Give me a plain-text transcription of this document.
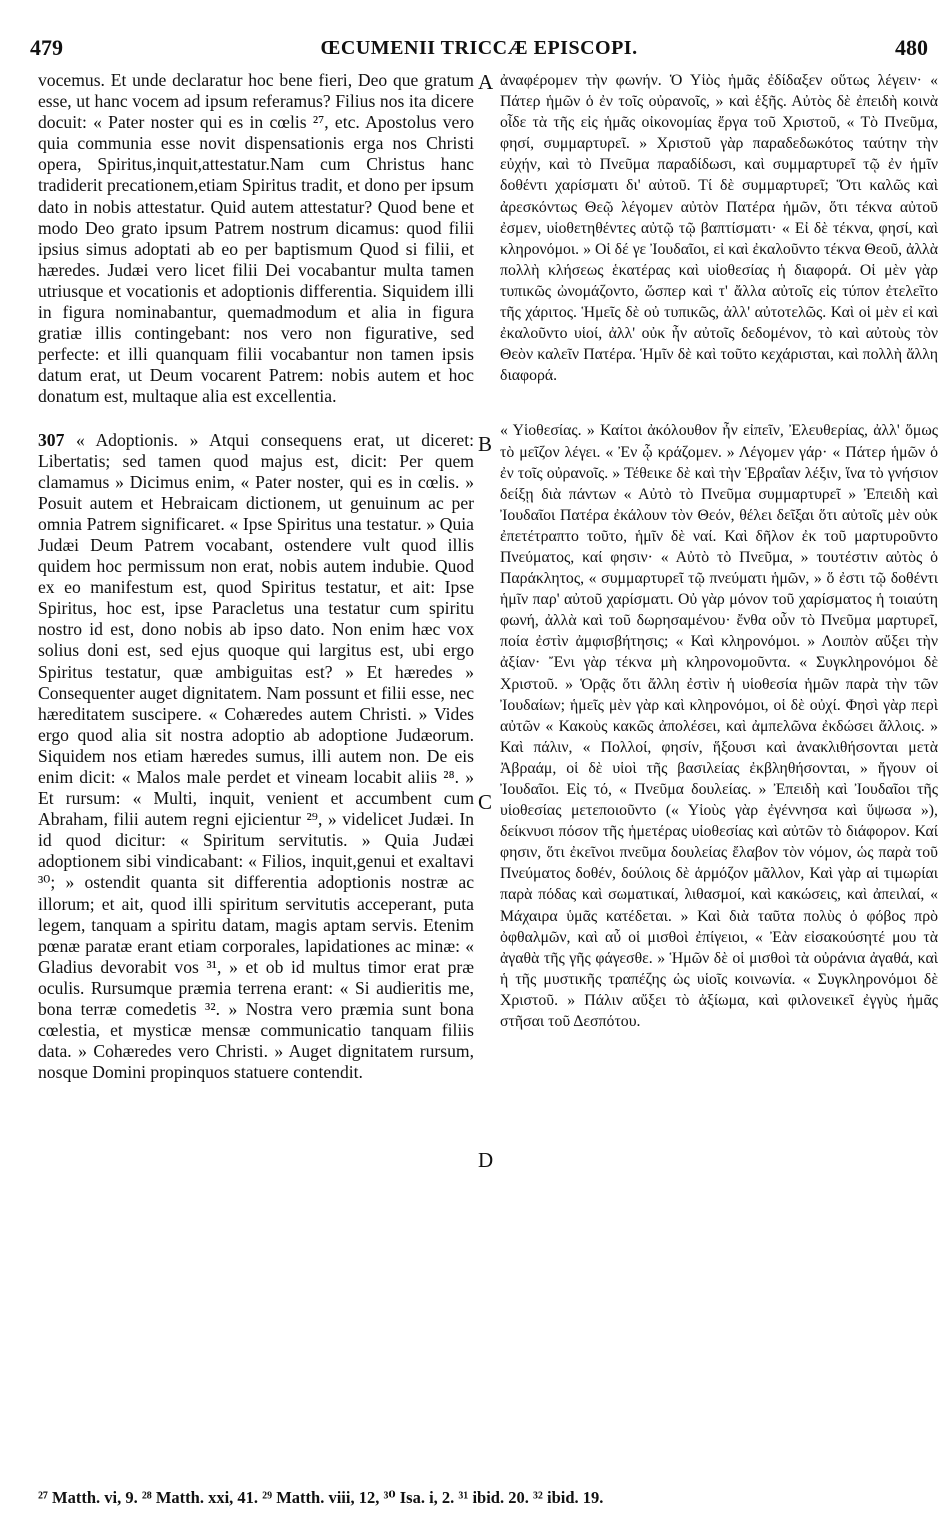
479	ŒCUMENII TRICCÆ EPISCOPI.	480

vocemus. Et unde declaratur hoc bene fieri, Deo que gratum esse, ut hanc vocem ad ipsum referamus? Filius nos ita dicere docuit: « Pater noster qui es in cœlis ²⁷, etc. Apostolus vero quia communia esse novit dispensationis erga nos Christi opera, Spiritus,inquit,attestatur.Nam cum Christus hanc tradiderit precationem,etiam Spiritus tradit, et dono per ipsum dato in nobis attestatur. Quid autem attestatur? Quod bene et modo Deo grato ipsum Patrem nostrum dicamus: quod filii ipsius simus adoptati ab eo per baptismum Quod si filii, et hæredes. Judæi vero licet filii Dei vocabantur multa tamen utriusque et vocationis et adoptionis differentia. Siquidem illi in figura nominabantur, quemadmodum et alia in figura gratiæ illis contingebant: nos vero non figurative, sed perfecte: et illi quanquam filii vocabantur non tamen ipsis datum erat, ut Deum vocarent Patrem: nobis autem et hoc donatum est, multaque alia est excellentia.

307 « Adoptionis. » Atqui consequens erat, ut diceret: Libertatis; sed tamen quod majus est, dicit: Per quem clamamus » Dicimus enim, « Pater noster, qui es in cœlis. » Posuit autem et Hebraicam dictionem, ut genuinum ac per omnia Patrem significaret. « Ipse Spiritus una testatur. » Quia Judæi Deum Patrem vocabant, ostendere vult quod illis quidem hoc permissum non erat, nobis autem indubie. Quod ex eo manifestum est, quod Spiritus testatur, et ait: Ipse Spiritus, hoc est, ipse Paracletus una testatur cum spiritu nostro id est, dono nobis ab ipso dato. Non enim hæc vox solius doni est, sed ejus quoque qui largitus est, ubi ergo Spiritus testatur, quæ ambiguitas est? » Et hæredes » Consequenter auget dignitatem. Nam possunt et filii esse, nec hæreditatem suscipere. « Cohæredes autem Christi. » Vides ergo quod alia sit nostra adoptio ab adoptione Judæorum. Siquidem nos etiam hæredes sumus, illi autem non. De eis enim dicit: « Malos male perdet et vineam locabit aliis ²⁸. » Et rursum: « Multi, inquit, venient et accumbent cum Abraham, filii autem regni ejicientur ²⁹, » videlicet Judæi. In id quod dicitur: « Spiritum servitutis. » Quia Judæi adoptionem sibi vindicabant: « Filios, inquit,genui et exaltavi ³⁰; » ostendit quanta sit differentia adoptionis nostræ ac illorum; et ait, quod illi spiritum servitutis acceperant, puta legem, tanquam a spiritu datam, magis aptam servis. Etenim pœnæ paratæ erant etiam corporales, lapidationes ac minæ: « Gladius devorabit vos ³¹, » et ob id multus timor erat præ oculis. Rursumque præmia terrena erant: « Si audieritis me, bona terræ comedetis ³². » Nostra vero præmia sunt bona cœlestia, et mysticæ mensæ communicatio tanquam filiis data. » Cohæredes vero Christi. » Auget dignitatem rursum, nosque Domini propinquos statuere contendit.

A
B
C
D

ἀναφέρομεν τὴν φωνήν. Ὁ Υἱὸς ἡμᾶς ἐδίδαξεν οὕτως λέγειν· « Πάτερ ἡμῶν ὁ ἐν τοῖς οὐρανοῖς, » καὶ ἑξῆς. Αὐτὸς δὲ ἐπειδὴ κοινὰ οἶδε τὰ τῆς εἰς ἡμᾶς οἰκονομίας ἔργα τοῦ Χριστοῦ, « Τὸ Πνεῦμα, φησί, συμμαρτυρεῖ. » Χριστοῦ γὰρ παραδεδωκότος ταύτην τὴν εὐχήν, καὶ τὸ Πνεῦμα παραδίδωσι, καὶ συμμαρτυρεῖ τῷ ἐν ἡμῖν δοθέντι χαρίσματι δι' αὐτοῦ. Τί δὲ συμμαρτυρεῖ; Ὅτι καλῶς καὶ ἀρεσκόντως Θεῷ λέγομεν αὐτὸν Πατέρα ἡμῶν, ὅτι τέκνα αὐτοῦ ἐσμεν, υἱοθετηθέντες αὐτῷ τῷ βαπτίσματι· « Εἰ δὲ τέκνα, φησί, καὶ κληρονόμοι. » Οἱ δέ γε Ἰουδαῖοι, εἰ καὶ ἐκαλοῦντο τέκνα Θεοῦ, ἀλλὰ πολλὴ κλήσεως ἑκατέρας καὶ υἱοθεσίας ἡ διαφορά. Οἱ μὲν γὰρ τυπικῶς ὠνομάζοντο, ὥσπερ καὶ τ' ἄλλα αὐτοῖς εἰς τύπον ἐτελεῖτο τῆς χάριτος. Ἡμεῖς δὲ οὐ τυπικῶς, ἀλλ' αὐτοτελῶς. Καὶ οἱ μὲν εἰ καὶ ἐκαλοῦντο υἱοί, ἀλλ' οὐκ ἦν αὐτοῖς δεδομένον, τὸ καὶ αὐτοὺς τὸν Θεὸν καλεῖν Πατέρα. Ἡμῖν δὲ καὶ τοῦτο κεχάρισται, καὶ πολλὴ ἄλλη διαφορά.

« Υἱοθεσίας. » Καίτοι ἀκόλουθον ἦν εἰπεῖν, Ἐλευθερίας, ἀλλ' ὅμως τὸ μεῖζον λέγει. « Ἐν ᾧ κράζομεν. » Λέγομεν γάρ· « Πάτερ ἡμῶν ὁ ἐν τοῖς οὐρανοῖς. » Τέθεικε δὲ καὶ τὴν Ἑβραΐαν λέξιν, ἵνα τὸ γνήσιον δείξῃ διὰ πάντων « Αὐτὸ τὸ Πνεῦμα συμμαρτυρεῖ » Ἐπειδὴ καὶ Ἰουδαῖοι Πατέρα ἐκάλουν τὸν Θεόν, θέλει δεῖξαι ὅτι αὐτοῖς μὲν οὐκ ἐπετέτραπτο τοῦτο, ἡμῖν δὲ ναί. Καὶ δῆλον ἐκ τοῦ μαρτυροῦντο Πνεύματος, καί φησιν· « Αὐτὸ τὸ Πνεῦμα, » τουτέστιν αὐτὸς ὁ Παράκλητος, « συμμαρτυρεῖ τῷ πνεύματι ἡμῶν, » ὅ ἐστι τῷ δοθέντι ἡμῖν παρ' αὐτοῦ χαρίσματι. Οὐ γὰρ μόνον τοῦ χαρίσματος ἡ τοιαύτη φωνή, ἀλλὰ καὶ τοῦ δωρησαμένου· ἔνθα οὖν τὸ Πνεῦμα μαρτυρεῖ, ποία ἐστὶν ἀμφισβήτησις; « Καὶ κληρονόμοι. » Λοιπὸν αὔξει τὴν ἀξίαν· Ἔνι γὰρ τέκνα μὴ κληρονομοῦντα. « Συγκληρονόμοι δὲ Χριστοῦ. » Ὁρᾷς ὅτι ἄλλη ἐστὶν ἡ υἱοθεσία ἡμῶν παρὰ τὴν τῶν Ἰουδαίων; ἡμεῖς μὲν γὰρ καὶ κληρονόμοι, οἱ δὲ οὐχί. Φησὶ γὰρ περὶ αὐτῶν « Κακοὺς κακῶς ἀπολέσει, καὶ ἀμπελῶνα ἐκδώσει ἄλλοις. » Καὶ πάλιν, « Πολλοί, φησίν, ἥξουσι καὶ ἀνακλιθήσονται μετὰ Ἀβραάμ, οἱ δὲ υἱοὶ τῆς βασιλείας ἐκβληθήσονται, » ἤγουν οἱ Ἰουδαῖοι. Εἰς τό, « Πνεῦμα δουλείας. » Ἐπειδὴ καὶ Ἰουδαῖοι τῆς υἱοθεσίας μετεποιοῦντο (« Υἱοὺς γὰρ ἐγέννησα καὶ ὕψωσα »), δείκνυσι πόσον τῆς ἡμετέρας υἱοθεσίας καὶ αὐτῶν τὸ διάφορον. Καί φησιν, ὅτι ἐκεῖνοι πνεῦμα δουλείας ἔλαβον τὸν νόμον, ὡς παρὰ τοῦ Πνεύματος δοθέν, δούλοις δὲ ἁρμόζον μᾶλλον, Καὶ γὰρ αἱ τιμωρίαι παρὰ πόδας καὶ σωματικαί, λιθασμοί, καὶ κακώσεις, καὶ ἀπειλαί, « Μάχαιρα ὑμᾶς κατέδεται. » Καὶ διὰ ταῦτα πολὺς ὁ φόβος πρὸ ὀφθαλμῶν, καὶ αὖ οἱ μισθοὶ ἐπίγειοι, « Ἐὰν εἰσακούσητέ μου τὰ ἀγαθὰ τῆς γῆς φάγεσθε. » Ἡμῶν δὲ οἱ μισθοὶ τὰ οὐράνια ἀγαθά, καὶ ἡ τῆς μυστικῆς τραπέζης ὡς υἱοῖς κοινωνία. « Συγκληρονόμοι δὲ Χριστοῦ. » Πάλιν αὔξει τὸ ἀξίωμα, καὶ φιλονεικεῖ ἐγγὺς ἡμᾶς στῆσαι τοῦ Δεσπότου.

²⁷ Matth. vi, 9. ²⁸ Matth. xxi, 41. ²⁹ Matth. viii, 12, ³⁰ Isa. i, 2. ³¹ ibid. 20. ³² ibid. 19.
